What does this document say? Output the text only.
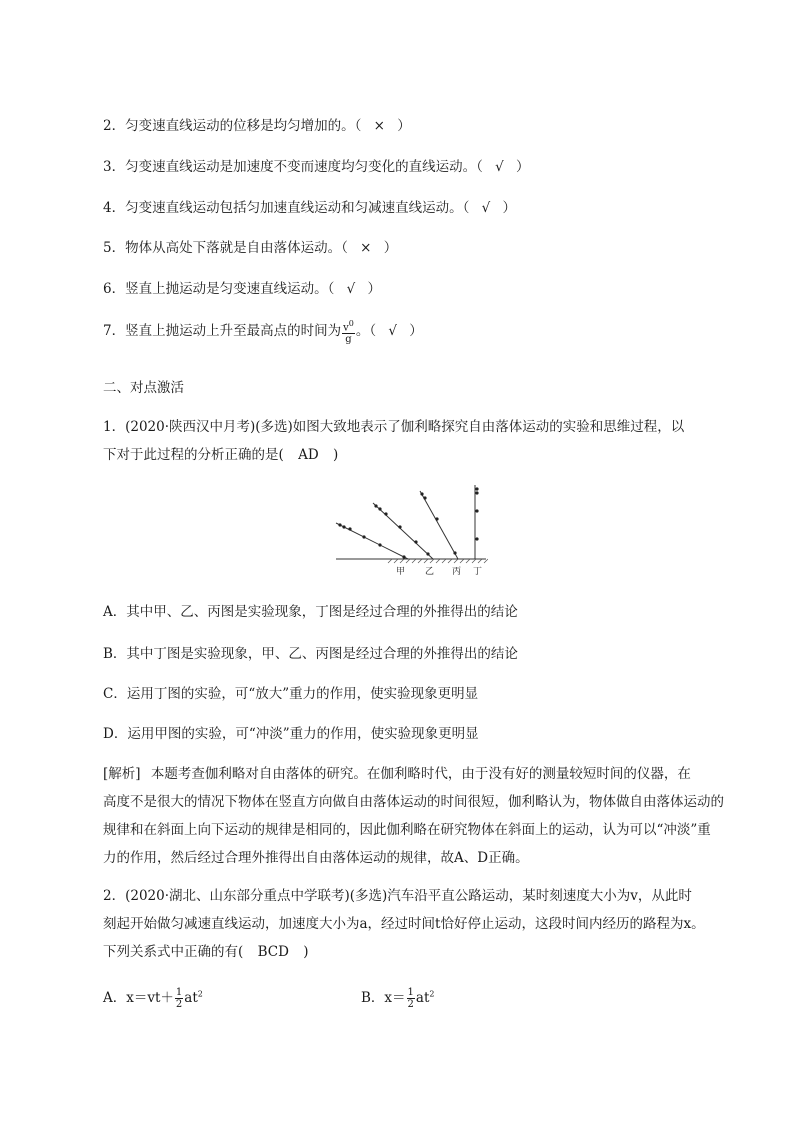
2．匀变速直线运动的位移是均匀增加的。（ × ）
3．匀变速直线运动是加速度不变而速度均匀变化的直线运动。（ √ ）
4．匀变速直线运动包括匀加速直线运动和匀减速直线运动。（ √ ）
5．物体从高处下落就是自由落体运动。（ × ）
6．竖直上抛运动是匀变速直线运动。（ √ ）
7．竖直上抛运动上升至最高点的时间为 $\frac{v^0}{g}$ 。（ √ ）
二、对点激活
1．(2020·陕西汉中月考)(多选)如图大致地表示了伽利略探究自由落体运动的实验和思维过程，以
下对于此过程的分析正确的是( AD )
甲 乙 丙 丁
A．其中甲、乙、丙图是实验现象，丁图是经过合理的外推得出的结论
B．其中丁图是实验现象，甲、乙、丙图是经过合理的外推得出的结论
C．运用丁图的实验，可“放大”重力的作用，使实验现象更明显
D．运用甲图的实验，可“冲淡”重力的作用，使实验现象更明显
[解析] 本题考查伽利略对自由落体的研究。在伽利略时代，由于没有好的测量较短时间的仪器，在
高度不是很大的情况下物体在竖直方向做自由落体运动的时间很短，伽利略认为，物体做自由落体运动的
规律和在斜面上向下运动的规律是相同的，因此伽利略在研究物体在斜面上的运动，认为可以“冲淡”重
力的作用，然后经过合理外推得出自由落体运动的规律，故A、D正确。
2．(2020·湖北、山东部分重点中学联考)(多选)汽车沿平直公路运动，某时刻速度大小为v，从此时
刻起开始做匀减速直线运动，加速度大小为a，经过时间t恰好停止运动，这段时间内经历的路程为x。
下列关系式中正确的有( BCD )
A．$x=vt+ \frac{1}{2} at^2$	B．$x= \frac{1}{2} at^2$
